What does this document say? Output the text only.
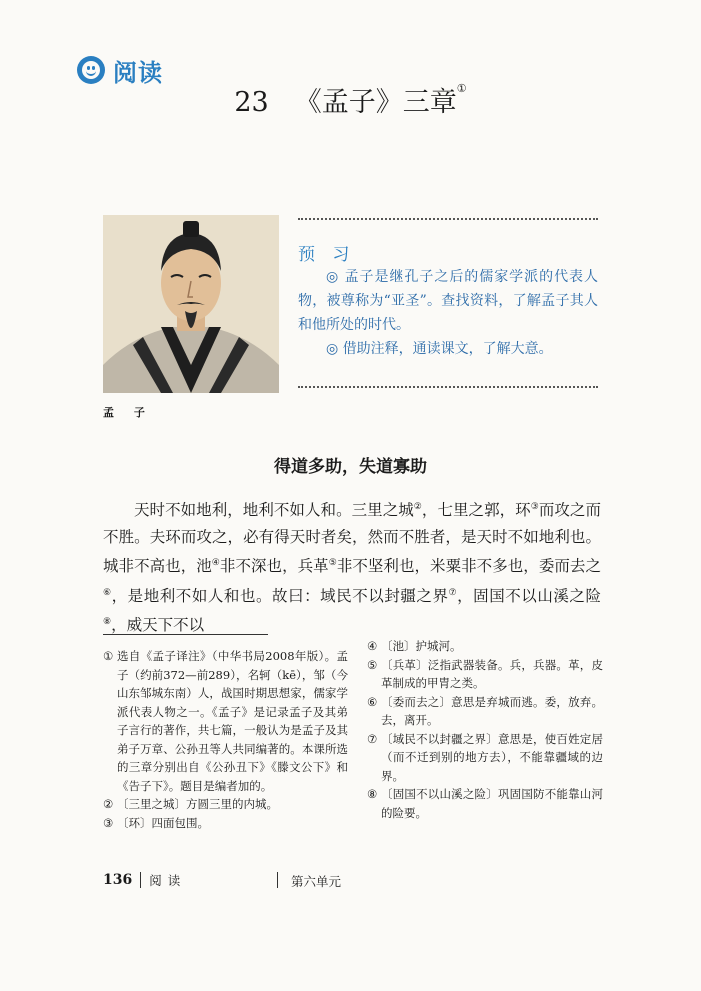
阅读
23 《孟子》三章①
孟 子
预 习

◎ 孟子是继孔子之后的儒家学派的代表人物，被尊称为“亚圣”。查找资料，了解孟子其人和他所处的时代。

◎ 借助注释，通读课文，了解大意。

得道多助，失道寡助

天时不如地利，地利不如人和。三里之城②，七里之郭，环③而攻之而不胜。夫环而攻之，必有得天时者矣，然而不胜者，是天时不如地利也。城非不高也，池④非不深也，兵革⑤非不坚利也，米粟非不多也，委而去之⑥，是地利不如人和也。故曰：域民不以封疆之界⑦，固国不以山溪之险⑧，威天下不以

① 选自《孟子译注》（中华书局2008年版）。孟子（约前372—前289），名轲（kē），邹（今山东邹城东南）人，战国时期思想家，儒家学派代表人物之一。《孟子》是记录孟子及其弟子言行的著作，共七篇，一般认为是孟子及其弟子万章、公孙丑等人共同编著的。本课所选的三章分别出自《公孙丑下》《滕文公下》和《告子下》。题目是编者加的。

② 〔三里之城〕方圆三里的内城。

③ 〔环〕四面包围。

④ 〔池〕护城河。

⑤ 〔兵革〕泛指武器装备。兵，兵器。革，皮革制成的甲胄之类。

⑥ 〔委而去之〕意思是弃城而逃。委，放弃。去，离开。

⑦ 〔域民不以封疆之界〕意思是，使百姓定居（而不迁到别的地方去），不能靠疆域的边界。

⑧ 〔固国不以山溪之险〕巩固国防不能靠山河的险要。

136 阅读	第六单元
